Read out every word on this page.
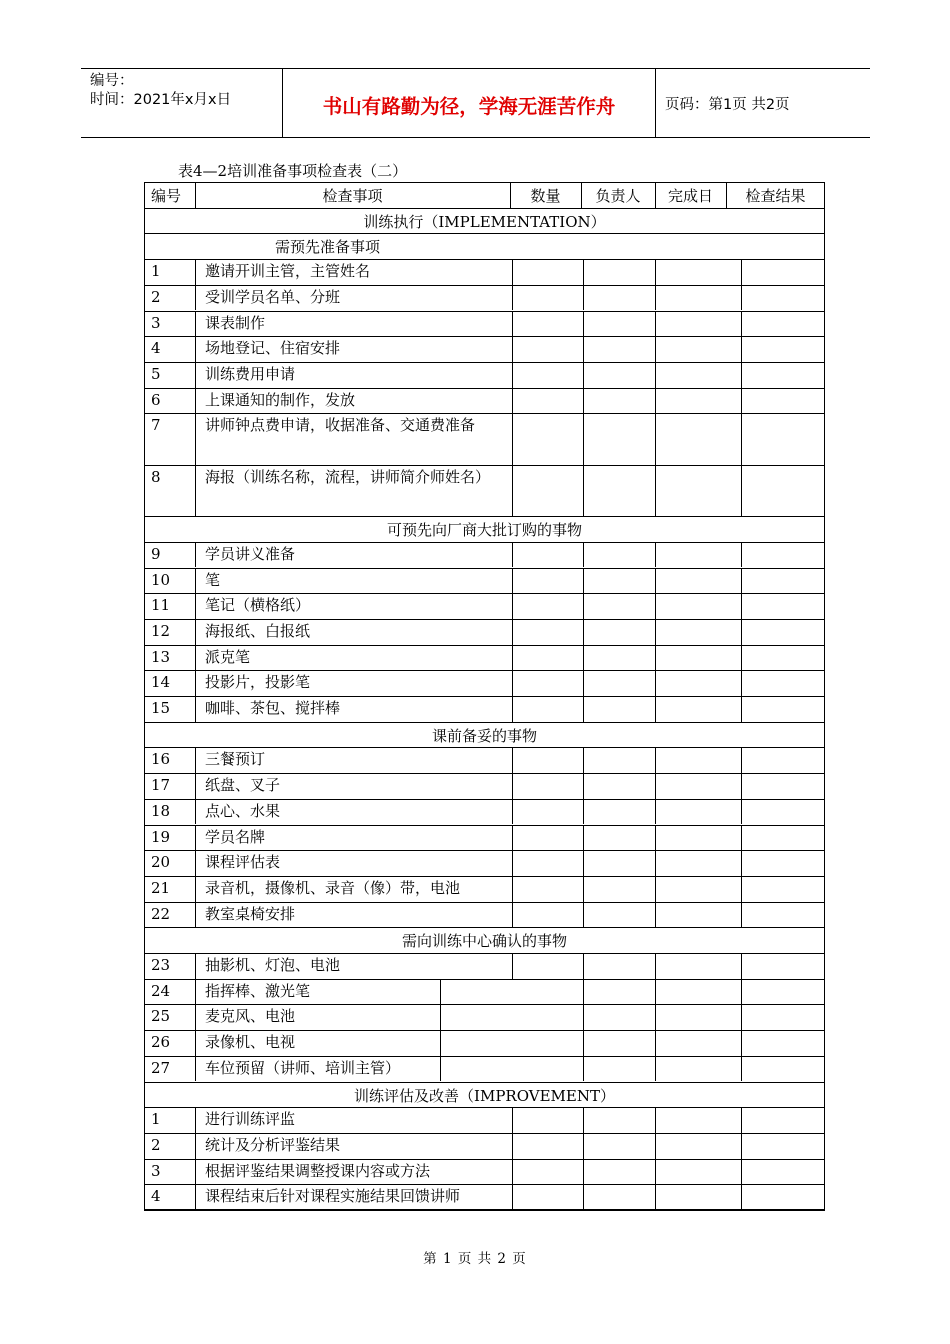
编号：
时间：2021年x月x日	书山有路勤为径，学海无涯苦作舟	页码：第1页 共2页
表4—2培训准备事项检查表（二）
编号	检查事项	数量	负责人	完成日	检查结果
训练执行（IMPLEMENTATION）
需预先准备事项
1	邀请开训主管，主管姓名
2	受训学员名单、分班
3	课表制作
4	场地登记、住宿安排
5	训练费用申请
6	上课通知的制作，发放
7	讲师钟点费申请，收据准备、交通费准备
8	海报（训练名称，流程，讲师简介师姓名）
可预先向厂商大批订购的事物
9	学员讲义准备
10 笔
11 笔记（横格纸）
12 海报纸、白报纸
13 派克笔
14 投影片，投影笔
15 咖啡、茶包、搅拌棒
课前备妥的事物
16 三餐预订
17 纸盘、叉子
18 点心、水果
19 学员名牌
20 课程评估表
21 录音机，摄像机、录音（像）带，电池
22 教室桌椅安排
需向训练中心确认的事物
23 抽影机、灯泡、电池
24 指挥棒、激光笔
25 麦克风、电池
26 录像机、电视
27 车位预留（讲师、培训主管）
训练评估及改善（IMPROVEMENT）
1	进行训练评监
2	统计及分析评鉴结果
3	根据评鉴结果调整授课内容或方法
4	课程结束后针对课程实施结果回馈讲师
第 1 页 共 2 页
